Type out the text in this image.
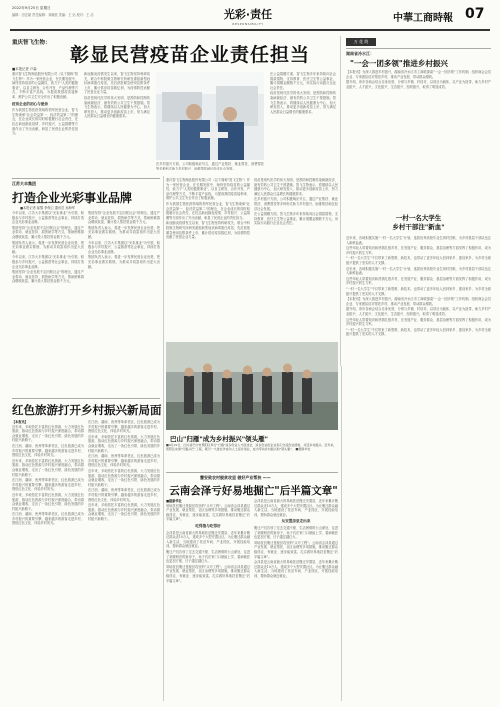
2022年9月25日 星期日
编辑：田宏斌 责任编辑：刘晓波 美编：王 运 校对：王 洁	光彩·责任
RESPONSIBILITY	中華工商時報 07
重庆智飞生物：
彰显民营疫苗企业责任担当
■本报记者 卢森

重庆智飞生物制品股份有限公司（以下简称"智飞生物"）作为一家民营企业，在长期发展中，始终坚持疫苗的公益属性，致力于"人类的健康事业"，以自主研发、合作开发、产品代理等方式，不断丰富产品线，为提高我国疫苗接种率、维护公共卫生安全作出了积极贡献。

疫苗企业的初心与使命

作为我国生物医药领域的领军民营企业，智飞生物秉承"社会效益第一、经济效益第二"的理念，在企业成长的同时积极履行社会责任，在抗击新冠肺炎疫情、乡村振兴、公益捐赠等方面作出了突出贡献，彰显了民营企业的责任担当。

新冠肺炎疫情发生以来，智飞生物坚持科研攻关，联合中科院微生物研究所研发重组新型冠状病毒蛋白疫苗，先后获批紧急使用及附条件上市，累计供应疫苗数亿剂，为疫情防控贡献了民营企业力量。

疫苗是现代医学的伟大发明，是预防和控制传染病最经济、最有效的公共卫生干预措施。智飞生物表示，将继续以人民健康为中心，加大研发投入，推动更多创新疫苗上市，努力满足人民群众日益增长的健康需求。

在乡村振兴方面，公司积极响应号召，通过产业帮扶、就业帮扶、消费帮扶等多种形式助力乡村振兴，助推帮扶地区经济社会发展。

在公益捐赠方面，智飞生物多年来持续向社会捐款捐物，支持教育、医疗卫生等公益事业，累计捐赠金额数千万元，用实际行动践行企业社会责任。

疫苗是现代医学的伟大发明，是预防和控制传染病最经济、最有效的公共卫生干预措施。智飞生物表示，将继续以人民健康为中心，加大研发投入，推动更多创新疫苗上市，努力满足人民群众日益增长的健康需求。

万 花 筒
湖南省冷水江：
"一会一团多领"推进乡村振兴

【本报讯】为深入推进乡村振兴，湖南省冷水江市工商联探索"一会一团多领"工作机制，组织商会会员企业、专家团队结对帮扶乡村，推动产业发展、带动群众增收。

据介绍，该市各商会结合自身优势，分别与乡镇、村结对，以项目为载体，以产业为纽带，助力乡村产业振兴、人才振兴、文化振兴、生态振兴、组织振兴，取得了明显成效。

一村一名大学生
乡村干部注"新血"

近年来，各地积极实施"一村一名大学生"计划，选拔优秀高校毕业生到村任职，为乡村基层干部队伍注入新鲜血液。

这些年轻人带着知识和热情扎根乡村，在发展产业、服务群众、基层治理等方面发挥了积极作用，成为乡村振兴的生力军。

"一村一名大学生"不仅带来了新思维、新技术，也带动了更多年轻人回到家乡、建设家乡，为乡村全面振兴提供了坚实的人才支撑。

近年来，各地积极实施"一村一名大学生"计划，选拔优秀高校毕业生到村任职，为乡村基层干部队伍注入新鲜血液。

这些年轻人带着知识和热情扎根乡村，在发展产业、服务群众、基层治理等方面发挥了积极作用，成为乡村振兴的生力军。

"一村一名大学生"不仅带来了新思维、新技术，也带动了更多年轻人回到家乡、建设家乡，为乡村全面振兴提供了坚实的人才支撑。

【本报讯】为深入推进乡村振兴，湖南省冷水江市工商联探索"一会一团多领"工作机制，组织商会会员企业、专家团队结对帮扶乡村，推动产业发展、带动群众增收。

据介绍，该市各商会结合自身优势，分别与乡镇、村结对，以项目为载体，以产业为纽带，助力乡村产业振兴、人才振兴、文化振兴、生态振兴、组织振兴，取得了明显成效。

这些年轻人带着知识和热情扎根乡村，在发展产业、服务群众、基层治理等方面发挥了积极作用，成为乡村振兴的生力军。

"一村一名大学生"不仅带来了新思维、新技术，也带动了更多年轻人回到家乡、建设家乡，为乡村全面振兴提供了坚实的人才支撑。

江苏大丰集团
打造企业光彩事业品牌
■本报记者 郝黎 李保卫 通讯员 孙海军

今年以来，江苏大丰集团以"光彩事业"为引领，积极参与乡村振兴、公益慈善等社会事业，持续打造企业光彩事业品牌。

集团坚持"企业发展不忘回报社会"的理念，通过产业带动、就业扶持、捐资助学等方式，帮助困难群众增收致富，累计投入帮扶资金数千万元。

集团负责人表示，将进一步发挥民营企业优势，把光彩事业做实做细，为推动共同富裕作出更大贡献。

今年以来，江苏大丰集团以"光彩事业"为引领，积极参与乡村振兴、公益慈善等社会事业，持续打造企业光彩事业品牌。

集团坚持"企业发展不忘回报社会"的理念，通过产业带动、就业扶持、捐资助学等方式，帮助困难群众增收致富，累计投入帮扶资金数千万元。

集团坚持"企业发展不忘回报社会"的理念，通过产业带动、就业扶持、捐资助学等方式，帮助困难群众增收致富，累计投入帮扶资金数千万元。

集团负责人表示，将进一步发挥民营企业优势，把光彩事业做实做细，为推动共同富裕作出更大贡献。

今年以来，江苏大丰集团以"光彩事业"为引领，积极参与乡村振兴、公益慈善等社会事业，持续打造企业光彩事业品牌。

集团负责人表示，将进一步发挥民营企业优势，把光彩事业做实做细，为推动共同富裕作出更大贡献。

重庆智飞生物制品股份有限公司（以下简称"智飞生物"）作为一家民营企业，在长期发展中，始终坚持疫苗的公益属性，致力于"人类的健康事业"，以自主研发、合作开发、产品代理等方式，不断丰富产品线，为提高我国疫苗接种率、维护公共卫生安全作出了积极贡献。

作为我国生物医药领域的领军民营企业，智飞生物秉承"社会效益第一、经济效益第二"的理念，在企业成长的同时积极履行社会责任，在抗击新冠肺炎疫情、乡村振兴、公益捐赠等方面作出了突出贡献，彰显了民营企业的责任担当。

新冠肺炎疫情发生以来，智飞生物坚持科研攻关，联合中科院微生物研究所研发重组新型冠状病毒蛋白疫苗，先后获批紧急使用及附条件上市，累计供应疫苗数亿剂，为疫情防控贡献了民营企业力量。

疫苗是现代医学的伟大发明，是预防和控制传染病最经济、最有效的公共卫生干预措施。智飞生物表示，将继续以人民健康为中心，加大研发投入，推动更多创新疫苗上市，努力满足人民群众日益增长的健康需求。

在乡村振兴方面，公司积极响应号召，通过产业帮扶、就业帮扶、消费帮扶等多种形式助力乡村振兴，助推帮扶地区经济社会发展。

在公益捐赠方面，智飞生物多年来持续向社会捐款捐物，支持教育、医疗卫生等公益事业，累计捐赠金额数千万元，用实际行动践行企业社会责任。

巴山"归雁"成为乡村振兴"领头雁"
■9月22日，四川省巴中市恩阳区举行"归雁"返乡创业人才座谈会，返乡创业的企业家们交流创业经验，共话乡村振兴。近年来，恩阳区实施"归雁兴巴"工程，吸引一大批在外成功人士返乡创业，成为带动乡村振兴的"领头雁"。 ■据新华社
红色旅游打开乡村振兴新局面
【本报讯】

近年来，多地依托丰富的红色资源，大力发展红色旅游，推动红色资源与乡村振兴深度融合，带动群众就业增收，走出了一条红色引领、绿色发展的乡村振兴新路子。

在江西、湖南、贵州等革命老区，红色旅游已成为乡村振兴的重要引擎，越来越多的游客走进乡村，感悟红色文化、体验乡村风光。

近年来，多地依托丰富的红色资源，大力发展红色旅游，推动红色资源与乡村振兴深度融合，带动群众就业增收，走出了一条红色引领、绿色发展的乡村振兴新路子。

在江西、湖南、贵州等革命老区，红色旅游已成为乡村振兴的重要引擎，越来越多的游客走进乡村，感悟红色文化、体验乡村风光。

近年来，多地依托丰富的红色资源，大力发展红色旅游，推动红色资源与乡村振兴深度融合，带动群众就业增收，走出了一条红色引领、绿色发展的乡村振兴新路子。

在江西、湖南、贵州等革命老区，红色旅游已成为乡村振兴的重要引擎，越来越多的游客走进乡村，感悟红色文化、体验乡村风光。

在江西、湖南、贵州等革命老区，红色旅游已成为乡村振兴的重要引擎，越来越多的游客走进乡村，感悟红色文化、体验乡村风光。

近年来，多地依托丰富的红色资源，大力发展红色旅游，推动红色资源与乡村振兴深度融合，带动群众就业增收，走出了一条红色引领、绿色发展的乡村振兴新路子。

在江西、湖南、贵州等革命老区，红色旅游已成为乡村振兴的重要引擎，越来越多的游客走进乡村，感悟红色文化、体验乡村风光。

近年来，多地依托丰富的红色资源，大力发展红色旅游，推动红色资源与乡村振兴深度融合，带动群众就业增收，走出了一条红色引领、绿色发展的乡村振兴新路子。

在江西、湖南、贵州等革命老区，红色旅游已成为乡村振兴的重要引擎，越来越多的游客走进乡村，感悟红色文化、体验乡村风光。

近年来，多地依托丰富的红色资源，大力发展红色旅游，推动红色资源与乡村振兴深度融合，带动群众就业增收，走出了一条红色引领、绿色发展的乡村振兴新路子。

慧安致农村脱贫攻坚 做好产业帮扶 ——
云南会泽亏好易地掘亡"后半篇文章"
■据新华社

易地扶贫搬迁是脱贫攻坚的"头号工程"。云南省会泽县通过产业发展、就业帮扶、社区治理等多项措施，推动搬迁群众稳得住、有就业、逐步能致富，扎实做好易地扶贫搬迁"后半篇文章"。

吃得饱与吃得好

会泽县是云南省最大的易地扶贫搬迁安置县，近年来累计搬迁群众近10万人，建成多个大型安置社区。为让搬迁群众融入新生活，当地建设了扶贫车间、产业园区，开展技能培训，帮助群众就近就业。

搬迁户们告别了过去交通不便、生活困难的大山深处，住进了宽敞明亮的新房子，孩子们在家门口就能上学，看病就医也更加方便，日子越过越红火。

易地扶贫搬迁是脱贫攻坚的"头号工程"。云南省会泽县通过产业发展、就业帮扶、社区治理等多项措施，推动搬迁群众稳得住、有就业、逐步能致富，扎实做好易地扶贫搬迁"后半篇文章"。

会泽县是云南省最大的易地扶贫搬迁安置县，近年来累计搬迁群众近10万人，建成多个大型安置社区。为让搬迁群众融入新生活，当地建设了扶贫车间、产业园区，开展技能培训，帮助群众就近就业。

从安置房里走出来

搬迁户们告别了过去交通不便、生活困难的大山深处，住进了宽敞明亮的新房子，孩子们在家门口就能上学，看病就医也更加方便，日子越过越红火。

易地扶贫搬迁是脱贫攻坚的"头号工程"。云南省会泽县通过产业发展、就业帮扶、社区治理等多项措施，推动搬迁群众稳得住、有就业、逐步能致富，扎实做好易地扶贫搬迁"后半篇文章"。

会泽县是云南省最大的易地扶贫搬迁安置县，近年来累计搬迁群众近10万人，建成多个大型安置社区。为让搬迁群众融入新生活，当地建设了扶贫车间、产业园区，开展技能培训，帮助群众就近就业。
